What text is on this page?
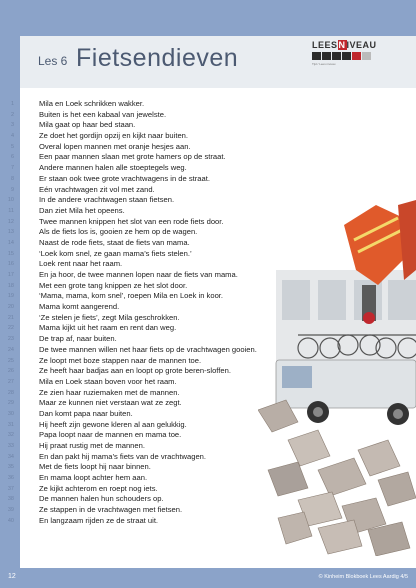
Les 6 Fietsendieven	LEESNIVEAU
Tijd / Lees niveau
1	Mila en Loek schrikken wakker.
2	Buiten is het een kabaal van jewelste.
3	Mila gaat op haar bed staan.
4	Ze doet het gordijn opzij en kijkt naar buiten.
5	Overal lopen mannen met oranje hesjes aan.
6	Een paar mannen slaan met grote hamers op de straat.
7	Andere mannen halen alle stoeptegels weg.
8	Er staan ook twee grote vrachtwagens in de straat.
9	Eén vrachtwagen zit vol met zand.
10	In de andere vrachtwagen staan fietsen.
11	Dan ziet Mila het opeens.
12	Twee mannen knippen het slot van een rode fiets door.
13	Als de fiets los is, gooien ze hem op de wagen.
14	Naast de rode fiets, staat de fiets van mama.
15	‘Loek kom snel, ze gaan mama’s fiets stelen.’
16	Loek rent naar het raam.
17	En ja hoor, de twee mannen lopen naar de fiets van mama.
18	Met een grote tang knippen ze het slot door.
19	‘Mama, mama, kom snel’, roepen Mila en Loek in koor.
20	Mama komt aangerend.
21	‘Ze stelen je fiets’, zegt Mila geschrokken.
22	Mama kijkt uit het raam en rent dan weg.
23	De trap af, naar buiten.
24	De twee mannen willen net haar fiets op de vrachtwagen gooien.
25	Ze loopt met boze stappen naar de mannen toe.
26	Ze heeft haar badjas aan en loopt op grote beren-sloffen.
27	Mila en Loek staan boven voor het raam.
28	Ze zien haar ruziemaken met de mannen.
29	Maar ze kunnen niet verstaan wat ze zegt.
30	Dan komt papa naar buiten.
31	Hij heeft zijn gewone kleren al aan gelukkig.
32	Papa loopt naar de mannen en mama toe.
33	Hij praat rustig met de mannen.
34	En dan pakt hij mama’s fiets van de vrachtwagen.
35	Met de fiets loopt hij naar binnen.
36	En mama loopt achter hem aan.
37	Ze kijkt achterom en roept nog iets.
38	De mannen halen hun schouders op.
39	Ze stappen in de vrachtwagen met fietsen.
40	En langzaam rijden ze de straat uit.
12	© Kinheim Blokboek Lees Aardig 4/5
